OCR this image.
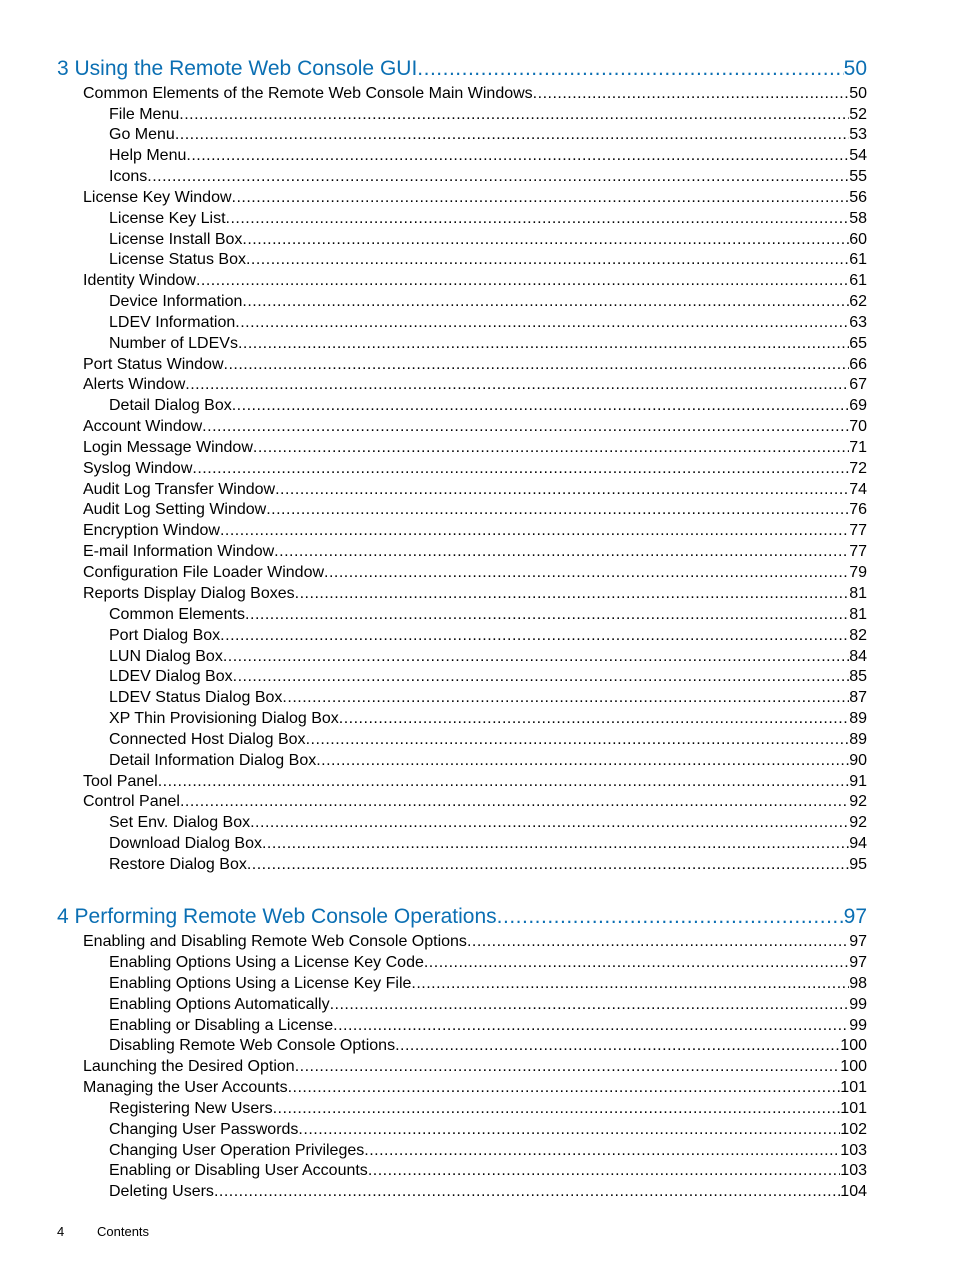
3 Using the Remote Web Console GUI .....	50
Common Elements of the Remote Web Console Main Windows .....	50
File Menu .....	52
Go Menu .....	53
Help Menu .....	54
Icons .....	55
License Key Window .....	56
License Key List .....	58
License Install Box .....	60
License Status Box .....	61
Identity Window .....	61
Device Information .....	62
LDEV Information .....	63
Number of LDEVs .....	65
Port Status Window .....	66
Alerts Window .....	67
Detail Dialog Box .....	69
Account Window .....	70
Login Message Window .....	71
Syslog Window .....	72
Audit Log Transfer Window .....	74
Audit Log Setting Window .....	76
Encryption Window .....	77
E-mail Information Window .....	77
Configuration File Loader Window .....	79
Reports Display Dialog Boxes .....	81
Common Elements .....	81
Port Dialog Box .....	82
LUN Dialog Box .....	84
LDEV Dialog Box .....	85
LDEV Status Dialog Box .....	87
XP Thin Provisioning Dialog Box .....	89
Connected Host Dialog Box .....	89
Detail Information Dialog Box .....	90
Tool Panel .....	91
Control Panel .....	92
Set Env. Dialog Box .....	92
Download Dialog Box .....	94
Restore Dialog Box .....	95
4 Performing Remote Web Console Operations .....	97
Enabling and Disabling Remote Web Console Options .....	97
Enabling Options Using a License Key Code .....	97
Enabling Options Using a License Key File .....	98
Enabling Options Automatically .....	99
Enabling or Disabling a License .....	99
Disabling Remote Web Console Options .....	100
Launching the Desired Option .....	100
Managing the User Accounts .....	101
Registering New Users .....	101
Changing User Passwords .....	102
Changing User Operation Privileges .....	103
Enabling or Disabling User Accounts .....	103
Deleting Users .....	104
4	Contents
